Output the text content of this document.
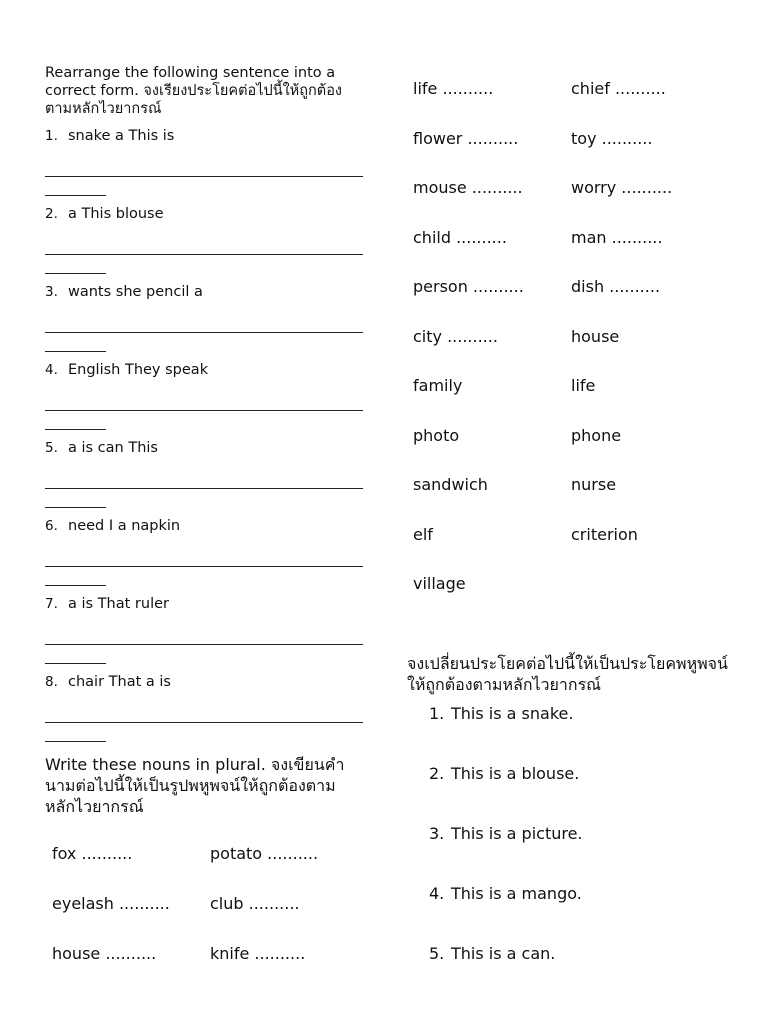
Rearrange the following sentence into a correct form. จงเรียงประโยคต่อไปนี้ให้ถูกต้องตามหลักไวยากรณ์

1. snake a This is
2. a This blouse
3. wants she pencil a
4. English They speak
5. a is can This
6. need I a napkin
7. a is That ruler
8. chair That a is

Write these nouns in plural. จงเขียนคำนามต่อไปนี้ให้เป็นรูปพหูพจน์ให้ถูกต้องตามหลักไวยากรณ์

fox ..........	potato ..........
eyelash ..........	club ..........
house ..........	knife ..........
life ..........	chief ..........
flower ..........	toy ..........
mouse ..........	worry ..........
child ..........	man ..........
person ..........	dish ..........
city ..........	house
family	life
photo	phone
sandwich	nurse
elf	criterion
village

จงเปลี่ยนประโยคต่อไปนี้ให้เป็นประโยคพหูพจน์ให้ถูกต้องตามหลักไวยากรณ์

1. This is a snake.
2. This is a blouse.
3. This is a picture.
4. This is a mango.
5. This is a can.
